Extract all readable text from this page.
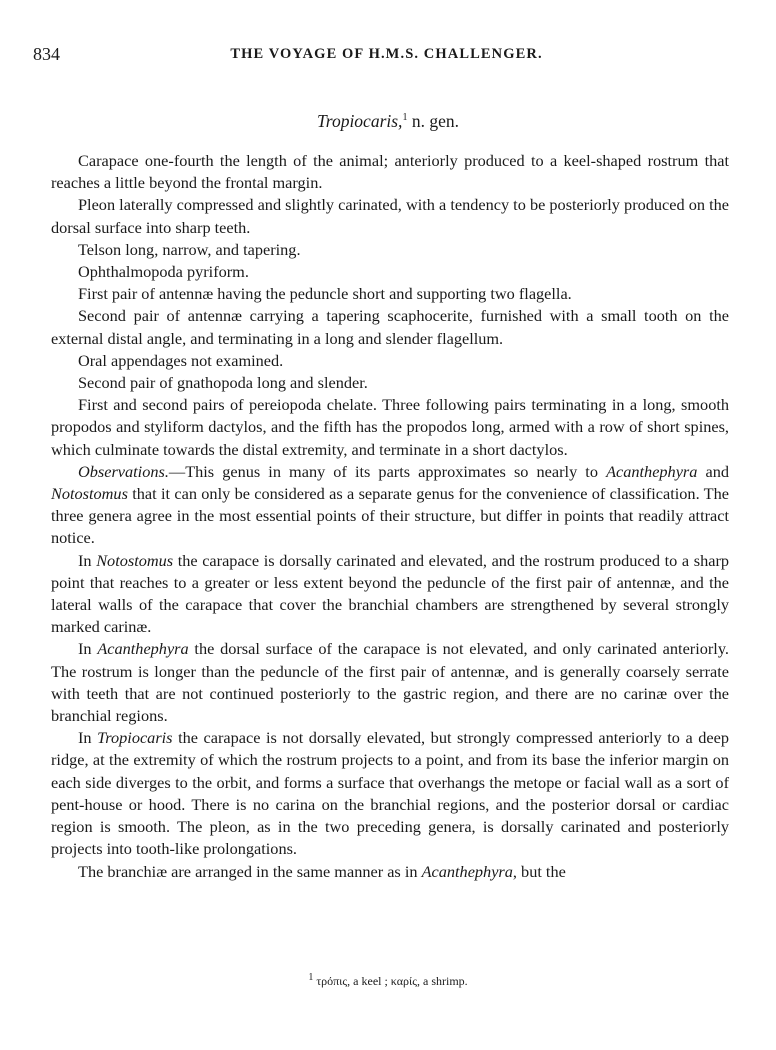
834	THE VOYAGE OF H.M.S. CHALLENGER.
Tropiocaris,$^1$ n. gen.

Carapace one-fourth the length of the animal; anteriorly produced to a keel-shaped rostrum that reaches a little beyond the frontal margin.

Pleon laterally compressed and slightly carinated, with a tendency to be posteriorly produced on the dorsal surface into sharp teeth.

Telson long, narrow, and tapering.

Ophthalmopoda pyriform.

First pair of antennæ having the peduncle short and supporting two flagella.

Second pair of antennæ carrying a tapering scaphocerite, furnished with a small tooth on the external distal angle, and terminating in a long and slender flagellum.

Oral appendages not examined.

Second pair of gnathopoda long and slender.

First and second pairs of pereiopoda chelate. Three following pairs terminating in a long, smooth propodos and styliform dactylos, and the fifth has the propodos long, armed with a row of short spines, which culminate towards the distal extremity, and terminate in a short dactylos.

Observations.—This genus in many of its parts approximates so nearly to Acanthephyra and Notostomus that it can only be considered as a separate genus for the convenience of classification. The three genera agree in the most essential points of their structure, but differ in points that readily attract notice.

In Notostomus the carapace is dorsally carinated and elevated, and the rostrum produced to a sharp point that reaches to a greater or less extent beyond the peduncle of the first pair of antennæ, and the lateral walls of the carapace that cover the branchial chambers are strengthened by several strongly marked carinæ.

In Acanthephyra the dorsal surface of the carapace is not elevated, and only carinated anteriorly. The rostrum is longer than the peduncle of the first pair of antennæ, and is generally coarsely serrate with teeth that are not continued posteriorly to the gastric region, and there are no carinæ over the branchial regions.

In Tropiocaris the carapace is not dorsally elevated, but strongly compressed anteriorly to a deep ridge, at the extremity of which the rostrum projects to a point, and from its base the inferior margin on each side diverges to the orbit, and forms a surface that overhangs the metope or facial wall as a sort of pent-house or hood. There is no carina on the branchial regions, and the posterior dorsal or cardiac region is smooth. The pleon, as in the two preceding genera, is dorsally carinated and posteriorly projects into tooth-like prolongations.

The branchiæ are arranged in the same manner as in Acanthephyra, but the

$^1$ τρόπις, a keel ; καρίς, a shrimp.
